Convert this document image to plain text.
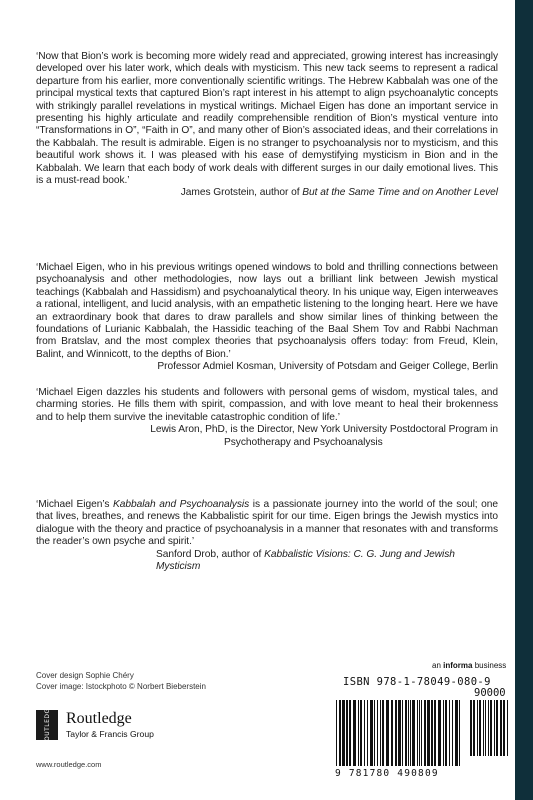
‘Now that Bion’s work is becoming more widely read and appreciated, growing interest has increasingly developed over his later work, which deals with mysticism. This new tack seems to represent a radical departure from his earlier, more conventionally scientific writings. The Hebrew Kabbalah was one of the principal mystical texts that captured Bion’s rapt interest in his attempt to align psychoanalytic concepts with strikingly parallel revelations in mystical writings. Michael Eigen has done an important service in presenting his highly articulate and readily comprehensible rendition of Bion’s mystical venture into “Transformations in O”, “Faith in O”, and many other of Bion’s associated ideas, and their correlations in the Kabbalah. The result is admirable. Eigen is no stranger to psychoanalysis nor to mysticism, and this beautiful work shows it. I was pleased with his ease of demystifying mysticism in Bion and in the Kabbalah. We learn that each body of work deals with different surges in our daily emotional lives. This is a must-read book.’

James Grotstein, author of But at the Same Time and on Another Level

‘Michael Eigen, who in his previous writings opened windows to bold and thrilling connections between psychoanalysis and other methodologies, now lays out a brilliant link between Jewish mystical teachings (Kabbalah and Hassidism) and psychoanalytical theory. In his unique way, Eigen interweaves a rational, intelligent, and lucid analysis, with an empathetic listening to the longing heart. Here we have an extraordinary book that dares to draw parallels and show similar lines of thinking between the foundations of Lurianic Kabbalah, the Hassidic teaching of the Baal Shem Tov and Rabbi Nachman from Bratslav, and the most complex theories that psychoanalysis offers today: from Freud, Klein, Balint, and Winnicott, to the depths of Bion.’

Professor Admiel Kosman, University of Potsdam and Geiger College, Berlin

‘Michael Eigen dazzles his students and followers with personal gems of wisdom, mystical tales, and charming stories. He fills them with spirit, compassion, and with love meant to heal their brokenness and to help them survive the inevitable catastrophic condition of life.’

Lewis Aron, PhD, is the Director, New York University Postdoctoral Program in

Psychotherapy and Psychoanalysis

‘Michael Eigen’s Kabbalah and Psychoanalysis is a passionate journey into the world of the soul; one that lives, breathes, and renews the Kabbalistic spirit for our time. Eigen brings the Jewish mystics into dialogue with the theory and practice of psychoanalysis in a manner that resonates with and transforms the reader’s own psyche and spirit.’

Sanford Drob, author of Kabbalistic Visions: C. G. Jung and Jewish Mysticism

Cover design Sophie Chéry
Cover image: Istockphoto © Norbert Bieberstein
ROUTLEDGE Routledge
Taylor & Francis Group
www.routledge.com
an informa business
ISBN 978-1-78049-080-9
90000
9 781780 490809
